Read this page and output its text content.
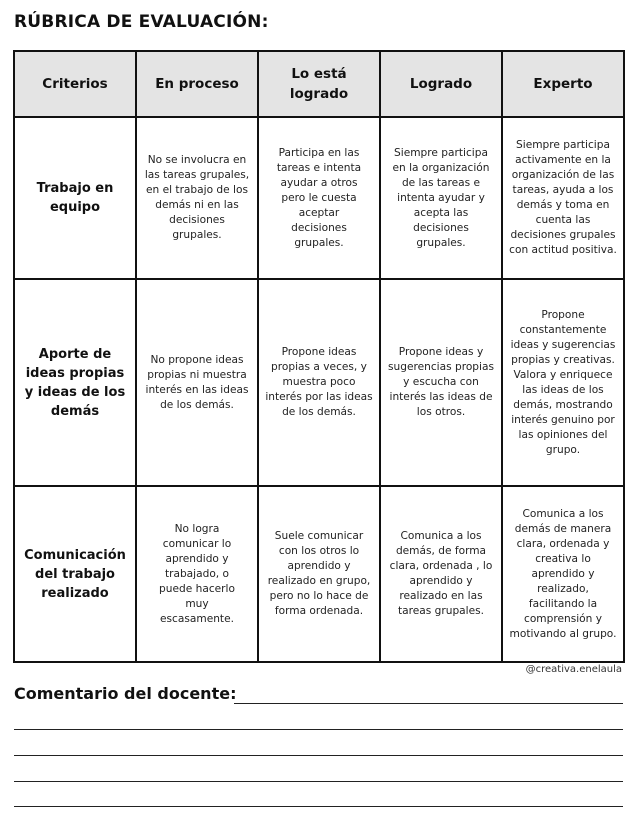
RÚBRICA DE EVALUACIÓN:
Criterios	En proceso	Lo está logrado	Logrado	Experto
Trabajo en equipo	No se involucra en las tareas grupales, en el trabajo de los demás ni en las decisiones grupales.	Participa en las tareas e intenta ayudar a otros pero le cuesta aceptar decisiones grupales.	Siempre participa en la organización de las tareas e intenta ayudar y acepta las decisiones grupales.	Siempre participa activamente en la organización de las tareas, ayuda a los demás y toma en cuenta las decisiones grupales con actitud positiva.
Aporte de ideas propias y ideas de los demás	No propone ideas propias ni muestra interés en las ideas de los demás.	Propone ideas propias a veces, y muestra poco interés por las ideas de los demás.	Propone ideas y sugerencias propias y escucha con interés las ideas de los otros.	Propone constantemente ideas y sugerencias propias y creativas. Valora y enriquece las ideas de los demás, mostrando interés genuino por las opiniones del grupo.
Comunicación del trabajo realizado	No logra comunicar lo aprendido y trabajado, o puede hacerlo muy escasamente.	Suele comunicar con los otros lo aprendido y realizado en grupo, pero no lo hace de forma ordenada.	Comunica a los demás, de forma clara, ordenada , lo aprendido y realizado en las tareas grupales.	Comunica a los demás de manera clara, ordenada y creativa lo aprendido y realizado, facilitando la comprensión y motivando al grupo.
@creativa.enelaula
Comentario del docente:
